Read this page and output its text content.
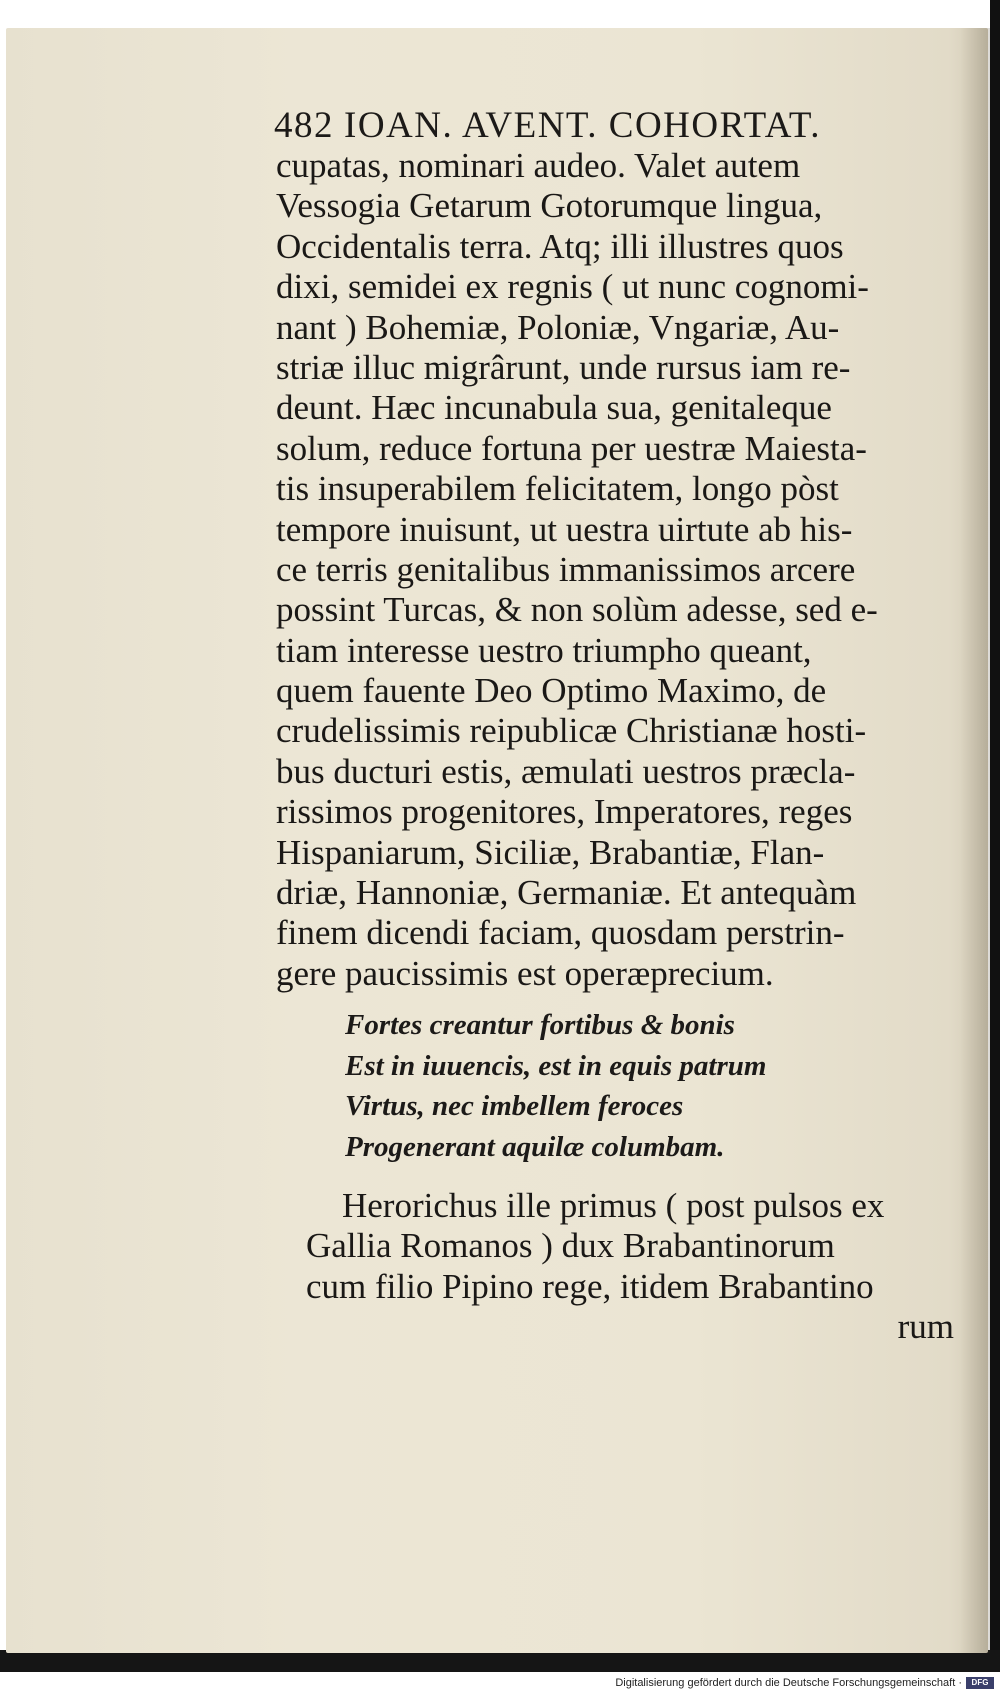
482 IOAN. AVENT. COHORTAT.
cupatas, nominari audeo. Valet autem
Vessogia Getarum Gotorumque lingua,
Occidentalis terra. Atq; illi illustres quos
dixi, semidei ex regnis ( ut nunc cognomi-
nant ) Bohemiæ, Poloniæ, Vngariæ, Au-
striæ illuc migrârunt, unde rursus iam re-
deunt. Hæc incunabula sua, genitaleque
solum, reduce fortuna per uestræ Maiesta-
tis insuperabilem felicitatem, longo pòst
tempore inuisunt, ut uestra uirtute ab his-
ce terris genitalibus immanissimos arcere
possint Turcas, & non solùm adesse, sed e-
tiam interesse uestro triumpho queant,
quem fauente Deo Optimo Maximo, de
crudelissimis reipublicæ Christianæ hosti-
bus ducturi estis, æmulati uestros præcla-
rissimos progenitores, Imperatores, reges
Hispaniarum, Siciliæ, Brabantiæ, Flan-
driæ, Hannoniæ, Germaniæ. Et antequàm
finem dicendi faciam, quosdam perstrin-
gere paucissimis est operæprecium.
Fortes creantur fortibus & bonis
Est in iuuencis, est in equis patrum
Virtus, nec imbellem feroces
Progenerant aquilæ columbam.
Herorichus ille primus ( post pulsos ex
Gallia Romanos ) dux Brabantinorum
cum filio Pipino rege, itidem Brabantino
rum
Digitalisierung gefördert durch die Deutsche Forschungsgemeinschaft ·	DFG
